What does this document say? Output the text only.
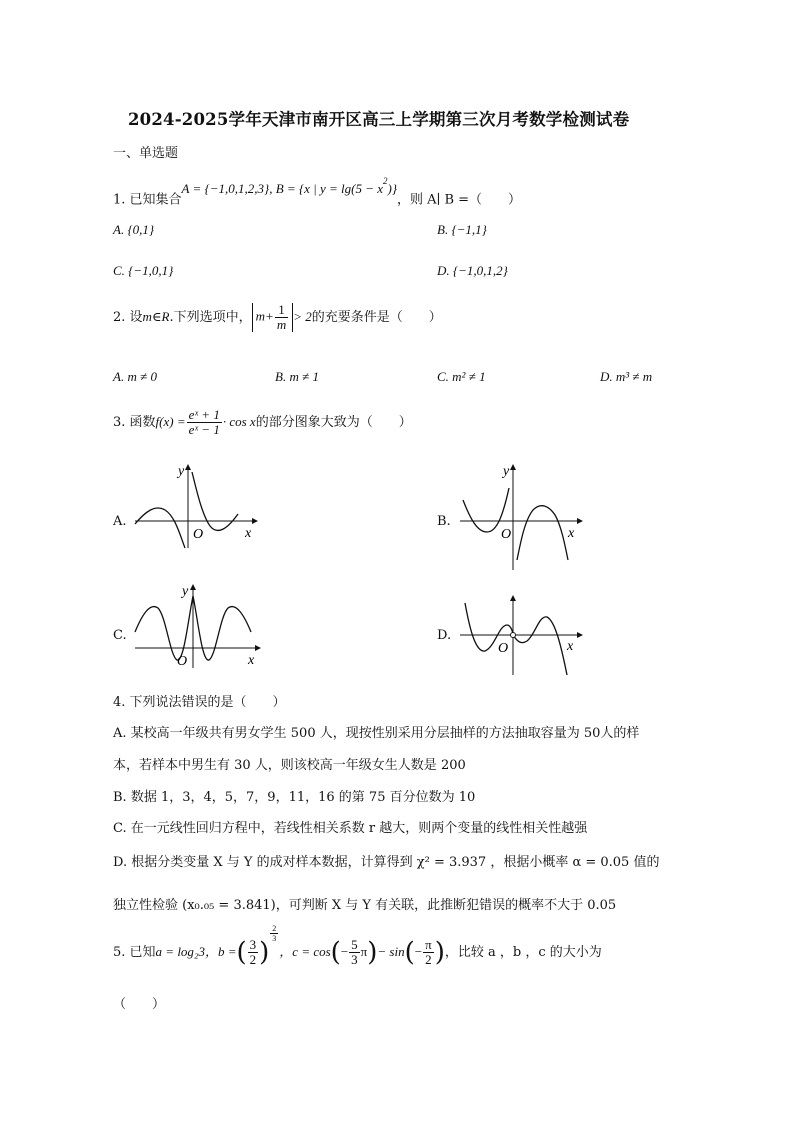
2024-2025学年天津市南开区高三上学期第三次月考数学检测试卷
一、单选题
1. 已知集合A = {−1,0,1,2,3}, B = {x | $y = \lg(5 - x^2)$}，则 A∣ B =（　　）
A. {0,1}	B. {−1,1}
C. {−1,0,1}	D. {−1,0,1,2}
2. 设m∈R.下列选项中， $m+ \frac{1}{m} > 2$的充要条件是（　　）
A. m ≠ 0	B. m ≠ 1	C. m² ≠ 1	D. m³ ≠ m
3. 函数$f(x) = \frac{\text{eˣ + 1}}{\text{eˣ − 1}} \cdot \cos x$的部分图象大致为（　　）
A.	B.
C.	D.
x
y
O	x
y
O
x
y
O
x
O
4. 下列说法错误的是（　　）
A. 某校高一年级共有男女学生 500 人，现按性别采用分层抽样的方法抽取容量为 50人的样
本，若样本中男生有 30 人，则该校高一年级女生人数是 200
B. 数据 1，3，4，5，7，9，11，16 的第 75 百分位数为 10
C. 在一元线性回归方程中，若线性相关系数 r 越大，则两个变量的线性相关性越强
D. 根据分类变量 X 与 Y 的成对样本数据，计算得到 χ² = 3.937 ，根据小概率 α = 0.05 值的
独立性检验 (x₀.₀₅ = 3.841)，可判断 X 与 Y 有关联，此推断犯错误的概率不大于 0.05
5. 已知a = log₂3，b =( $\frac{3}{2}$ )
$\frac{2}{3}$
，$c = \cos(- \frac{5}{3} \pi)- \sin(- \frac{\pi}{2}$ )，比较 a ，b ，c 的大小为
（　　）
